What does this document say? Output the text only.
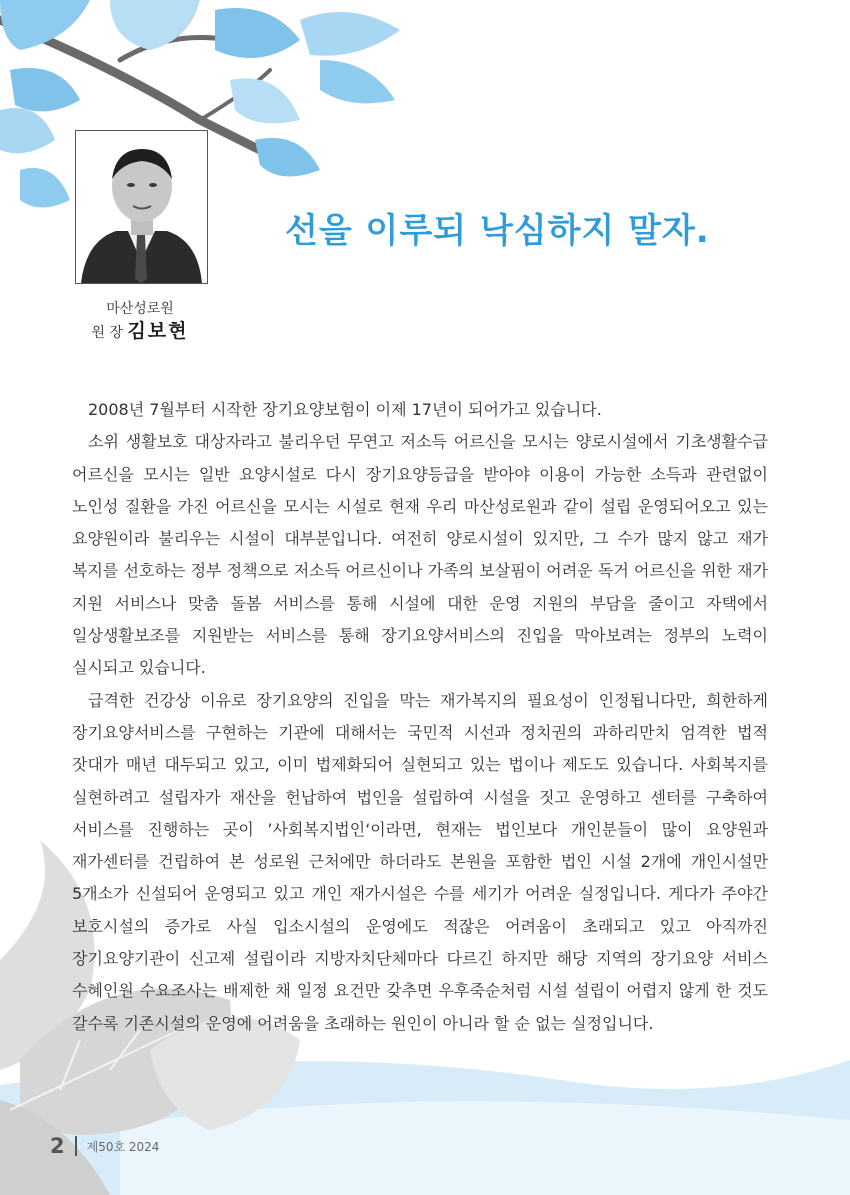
마산성로원
원 장 김보현
선을 이루되 낙심하지 말자.

2008년 7월부터 시작한 장기요양보험이 이제 17년이 되어가고 있습니다.

소위 생활보호 대상자라고 불리우던 무연고 저소득 어르신을 모시는 양로시설에서 기초생활수급 어르신을 모시는 일반 요양시설로 다시 장기요양등급을 받아야 이용이 가능한 소득과 관련없이 노인성 질환을 가진 어르신을 모시는 시설로 현재 우리 마산성로원과 같이 설립 운영되어오고 있는 요양원이라 불리우는 시설이 대부분입니다. 여전히 양로시설이 있지만, 그 수가 많지 않고 재가 복지를 선호하는 정부 정책으로 저소득 어르신이나 가족의 보살핌이 어려운 독거 어르신을 위한 재가 지원 서비스나 맞춤 돌봄 서비스를 통해 시설에 대한 운영 지원의 부담을 줄이고 자택에서 일상생활보조를 지원받는 서비스를 통해 장기요양서비스의 진입을 막아보려는 정부의 노력이 실시되고 있습니다.

급격한 건강상 이유로 장기요양의 진입을 막는 재가복지의 필요성이 인정됩니다만, 희한하게 장기요양서비스를 구현하는 기관에 대해서는 국민적 시선과 정치권의 과하리만치 엄격한 법적 잣대가 매년 대두되고 있고, 이미 법제화되어 실현되고 있는 법이나 제도도 있습니다. 사회복지를 실현하려고 설립자가 재산을 헌납하여 법인을 설립하여 시설을 짓고 운영하고 센터를 구축하여 서비스를 진행하는 곳이 ’사회복지법인‘이라면, 현재는 법인보다 개인분들이 많이 요양원과 재가센터를 건립하여 본 성로원 근처에만 하더라도 본원을 포함한 법인 시설 2개에 개인시설만 5개소가 신설되어 운영되고 있고 개인 재가시설은 수를 세기가 어려운 실정입니다. 게다가 주야간 보호시설의 증가로 사실 입소시설의 운영에도 적잖은 어려움이 초래되고 있고 아직까진 장기요양기관이 신고제 설립이라 지방자치단체마다 다르긴 하지만 해당 지역의 장기요양 서비스 수혜인원 수요조사는 배제한 채 일정 요건만 갖추면 우후죽순처럼 시설 설립이 어렵지 않게 한 것도 갈수록 기존시설의 운영에 어려움을 초래하는 원인이 아니라 할 순 없는 실정입니다.

2 제50호 2024
